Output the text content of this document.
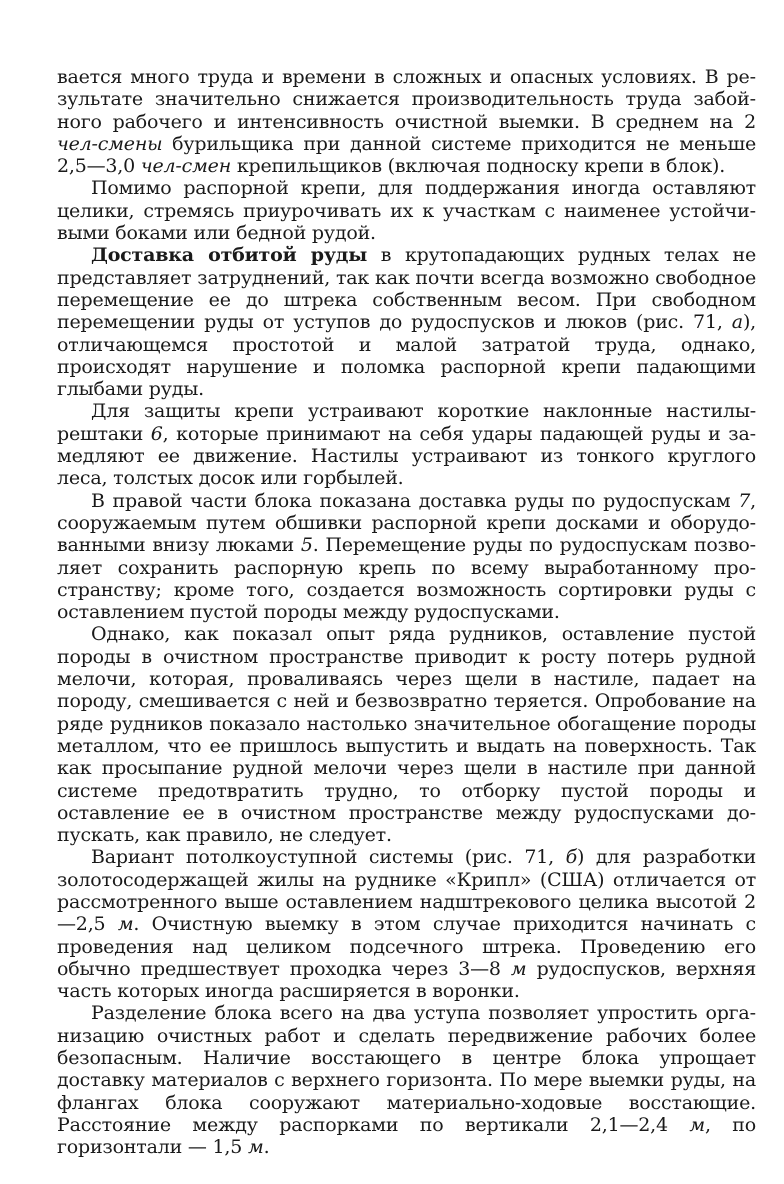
вается много труда и времени в сложных и опасных условиях. В результате значительно снижается производительность труда забойного рабочего и интенсивность очистной выемки. В среднем на 2 чел-смены бурильщика при данной системе приходится не меньше 2,5—3,0 чел-смен крепильщиков (включая подноску крепи в блок).

Помимо распорной крепи, для поддержания иногда оставляют целики, стремясь приурочивать их к участкам с наименее устойчивыми боками или бедной рудой.

Доставка отбитой руды в крутопадающих рудных телах не представляет затруднений, так как почти всегда возможно свободное перемещение ее до штрека собственным весом. При свободном перемещении руды от уступов до рудоспусков и люков (рис. 71, а), отличающемся простотой и малой затратой труда, однако, происходят нарушение и поломка распорной крепи падающими глыбами руды.

Для защиты крепи устраивают короткие наклонные настилы-рештаки 6, которые принимают на себя удары падающей руды и замедляют ее движение. Настилы устраивают из тонкого круглого леса, толстых досок или горбылей.

В правой части блока показана доставка руды по рудоспускам 7, сооружаемым путем обшивки распорной крепи досками и оборудованными внизу люками 5. Перемещение руды по рудоспускам позволяет сохранить распорную крепь по всему выработанному пространству; кроме того, создается возможность сортировки руды с оставлением пустой породы между рудоспусками.

Однако, как показал опыт ряда рудников, оставление пустой породы в очистном пространстве приводит к росту потерь рудной мелочи, которая, проваливаясь через щели в настиле, падает на породу, смешивается с ней и безвозвратно теряется. Опробование на ряде рудников показало настолько значительное обогащение породы металлом, что ее пришлось выпустить и выдать на поверхность. Так как просыпание рудной мелочи через щели в настиле при данной системе предотвратить трудно, то отборку пустой породы и оставление ее в очистном пространстве между рудоспусками допускать, как правило, не следует.

Вариант потолкоуступной системы (рис. 71, б) для разработки золотосодержащей жилы на руднике «Крипл» (США) отличается от рассмотренного выше оставлением надштрекового целика высотой 2—2,5 м. Очистную выемку в этом случае приходится начинать с проведения над целиком подсечного штрека. Проведению его обычно предшествует проходка через 3—8 м рудоспусков, верхняя часть которых иногда расширяется в воронки.

Разделение блока всего на два уступа позволяет упростить организацию очистных работ и сделать передвижение рабочих более безопасным. Наличие восстающего в центре блока упрощает доставку материалов с верхнего горизонта. По мере выемки руды, на флангах блока сооружают материально-ходовые восстающие. Расстояние между распорками по вертикали 2,1—2,4 м, по горизонтали — 1,5 м.
